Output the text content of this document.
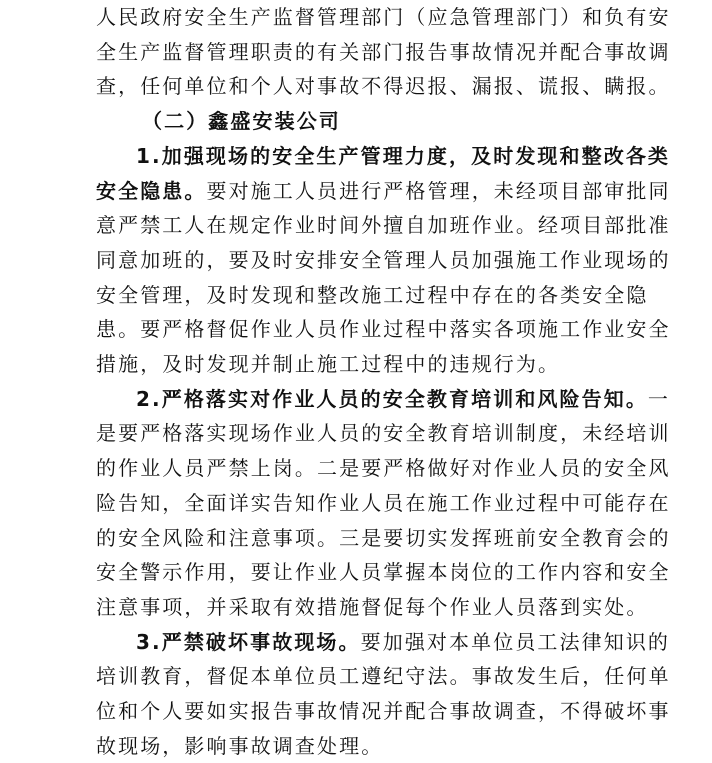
人民政府安全生产监督管理部门（应急管理部门）和负有安全生产监督管理职责的有关部门报告事故情况并配合事故调查，任何单位和个人对事故不得迟报、漏报、谎报、瞒报。

（二）鑫盛安装公司

1.加强现场的安全生产管理力度，及时发现和整改各类安全隐患。要对施工人员进行严格管理，未经项目部审批同意严禁工人在规定作业时间外擅自加班作业。经项目部批准同意加班的，要及时安排安全管理人员加强施工作业现场的安全管理，及时发现和整改施工过程中存在的各类安全隐患。要严格督促作业人员作业过程中落实各项施工作业安全措施，及时发现并制止施工过程中的违规行为。

2.严格落实对作业人员的安全教育培训和风险告知。一是要严格落实现场作业人员的安全教育培训制度，未经培训的作业人员严禁上岗。二是要严格做好对作业人员的安全风险告知，全面详实告知作业人员在施工作业过程中可能存在的安全风险和注意事项。三是要切实发挥班前安全教育会的安全警示作用，要让作业人员掌握本岗位的工作内容和安全注意事项，并采取有效措施督促每个作业人员落到实处。

3.严禁破坏事故现场。要加强对本单位员工法律知识的培训教育，督促本单位员工遵纪守法。事故发生后，任何单位和个人要如实报告事故情况并配合事故调查，不得破坏事故现场，影响事故调查处理。
